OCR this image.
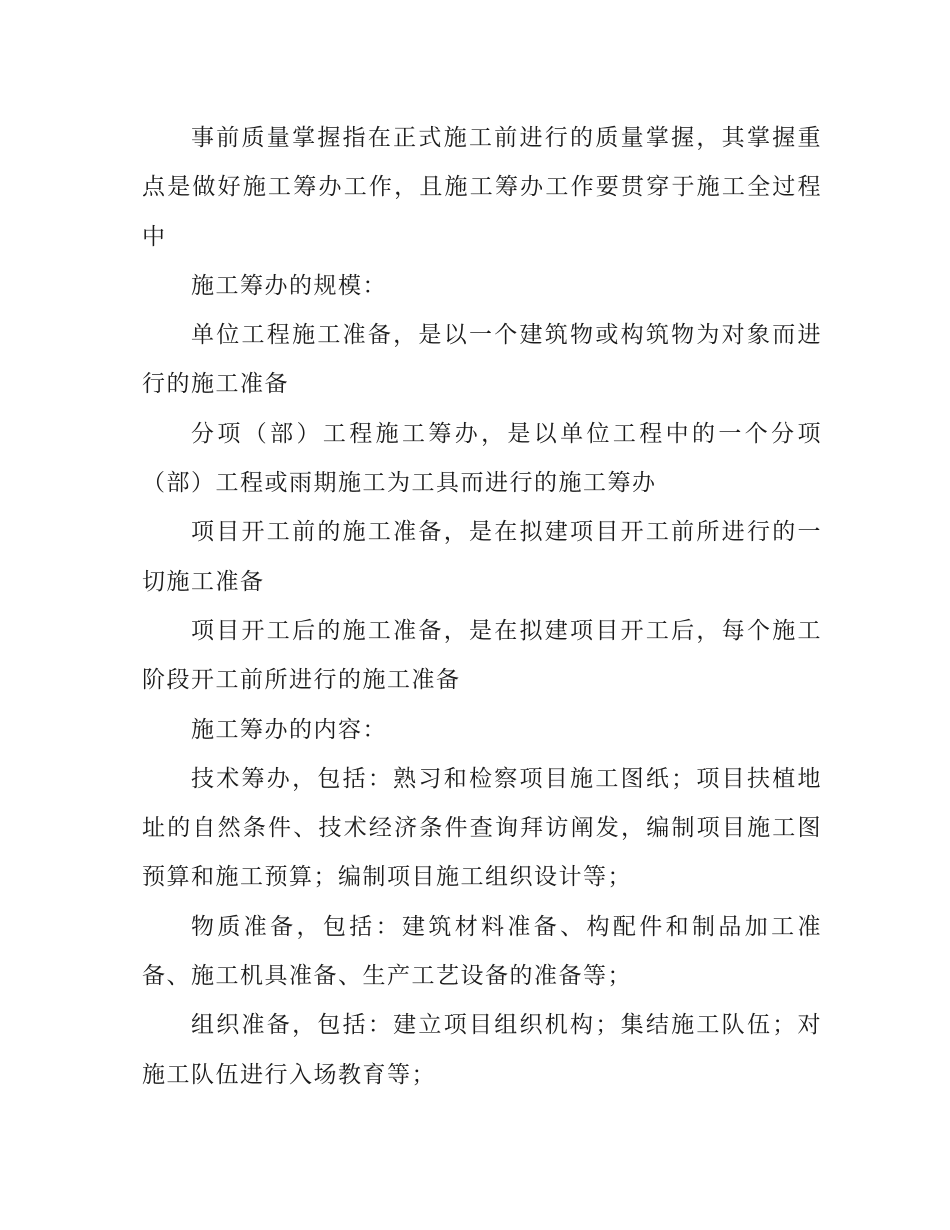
事前质量掌握指在正式施工前进行的质量掌握，其掌握重点是做好施工筹办工作，且施工筹办工作要贯穿于施工全过程中

施工筹办的规模：

单位工程施工准备，是以一个建筑物或构筑物为对象而进行的施工准备

分项（部）工程施工筹办，是以单位工程中的一个分项（部）工程或雨期施工为工具而进行的施工筹办

项目开工前的施工准备，是在拟建项目开工前所进行的一切施工准备

项目开工后的施工准备，是在拟建项目开工后，每个施工阶段开工前所进行的施工准备

施工筹办的内容：

技术筹办，包括：熟习和检察项目施工图纸；项目扶植地址的自然条件、技术经济条件查询拜访阐发，编制项目施工图预算和施工预算；编制项目施工组织设计等；

物质准备，包括：建筑材料准备、构配件和制品加工准备、施工机具准备、生产工艺设备的准备等；

组织准备，包括：建立项目组织机构；集结施工队伍；对施工队伍进行入场教育等；
